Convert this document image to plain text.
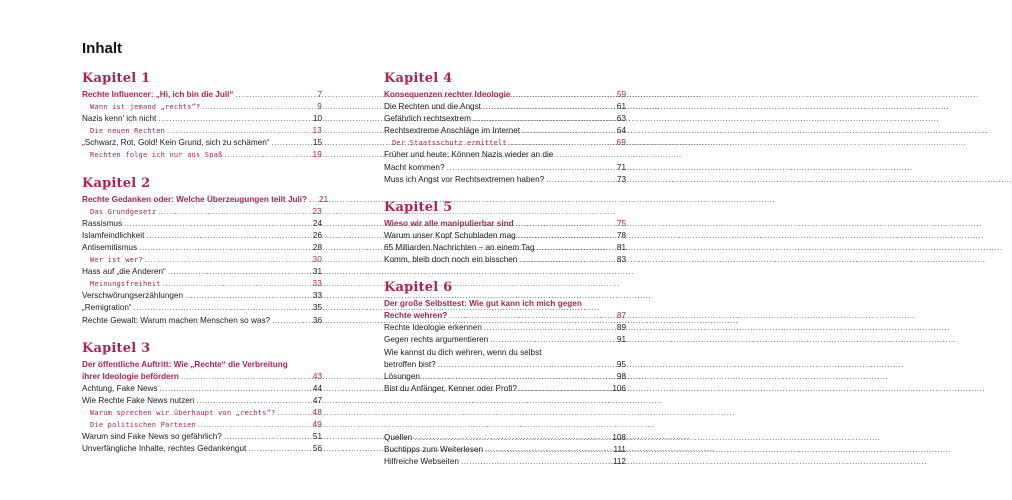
Inhalt
Kapitel 1
Rechte Influencer: „Hi, ich bin die Juli“ .....	7
Wann ist jemand „rechts“? .....	9
Nazis kenn’ ich nicht .....	10
Die neuen Rechten .....	13
„Schwarz, Rot, Gold! Kein Grund, sich zu schämen“ .....	15
Rechten folge ich nur aus Spaß .....	19
Kapitel 2
Rechte Gedanken oder: Welche Überzeugungen teilt Juli? ..... 21
Das Grundgesetz .....	23
Rassismus .....	24
Islamfeindlichkeit .....	26
Antisemitismus .....	28
Wer ist wer? .....	30
Hass auf „die Anderen“ .....	31
Meinungsfreiheit .....	33
Verschwörungserzählungen .....	33
„Remigration“ .....	35
Rechte Gewalt: Warum machen Menschen so was? .....	36
Kapitel 3
Der öffentliche Auftritt: Wie „Rechte“ die Verbreitung
ihrer Ideologie befördern .....	43
Achtung, Fake News .....	44
Wie Rechte Fake News nutzen .....	47
Warum sprechen wir überhaupt von „rechts“? .....	48
Die politischen Parteien .....	49
Warum sind Fake News so gefährlich? .....	51
Unverfängliche Inhalte, rechtes Gedankengut .....	56
Kapitel 4
Konsequenzen rechter Ideologie .....	59
Die Rechten und die Angst .....	61
Gefährlich rechtsextrem .....	63
Rechtsextreme Anschläge im Internet .....	64
Der Staatsschutz ermittelt .....	69
Früher und heute: Können Nazis wieder an die
Macht kommen? .....	71
Muss ich Angst vor Rechtsextremen haben? .....	73
Kapitel 5
Wieso wir alle manipulierbar sind .....	75
Warum unser Kopf Schubladen mag .....	78
65 Milliarden Nachrichten – an einem Tag .....	81
Komm, bleib doch noch ein bisschen .....	83
Kapitel 6
Der große Selbsttest: Wie gut kann ich mich gegen
Rechte wehren? .....	87
Rechte Ideologie erkennen .....	89
Gegen rechts argumentieren .....	91
Wie kannst du dich wehren, wenn du selbst
betroffen bist? .....	95
Lösungen .....	98
Bist du Anfänger, Kenner oder Profi? .....	106
Quellen .....	108
Buchtipps zum Weiterlesen .....	111
Hilfreiche Webseiten .....	112
